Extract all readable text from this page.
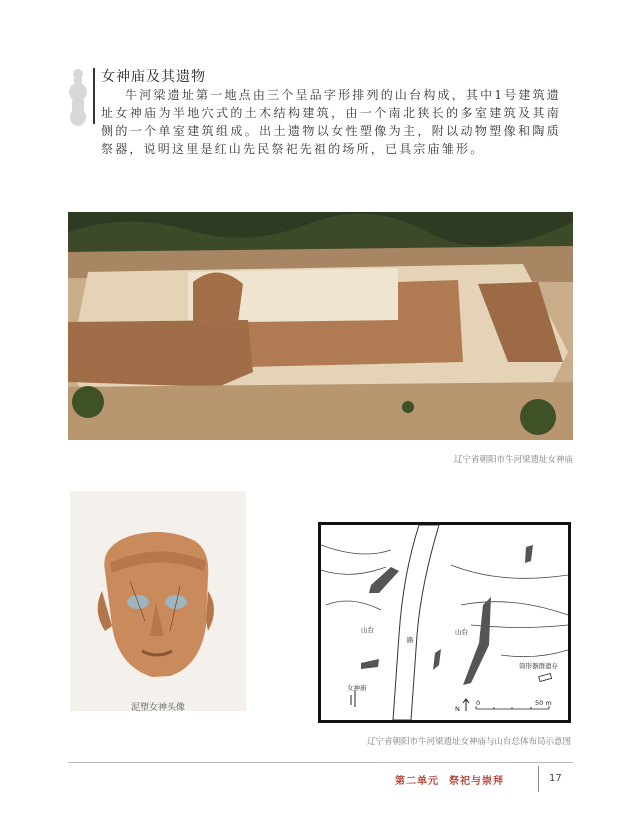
女神庙及其遗物
牛河梁遗址第一地点由三个呈品字形排列的山台构成，其中1号建筑遗址女神庙为半地穴式的土木结构建筑，由一个南北狭长的多室建筑及其南侧的一个单室建筑组成。出土遗物以女性塑像为主，附以动物塑像和陶质祭器，说明这里是红山先民祭祀先祖的场所，已具宗庙雏形。
辽宁省朝阳市牛河梁遗址女神庙
泥塑女神头像
山台
路
山台
筒形器群遗存
女神庙
N
0	50 m
辽宁省朝阳市牛河梁遗址女神庙与山台总体布局示意图
第二单元 祭祀与崇拜	17
